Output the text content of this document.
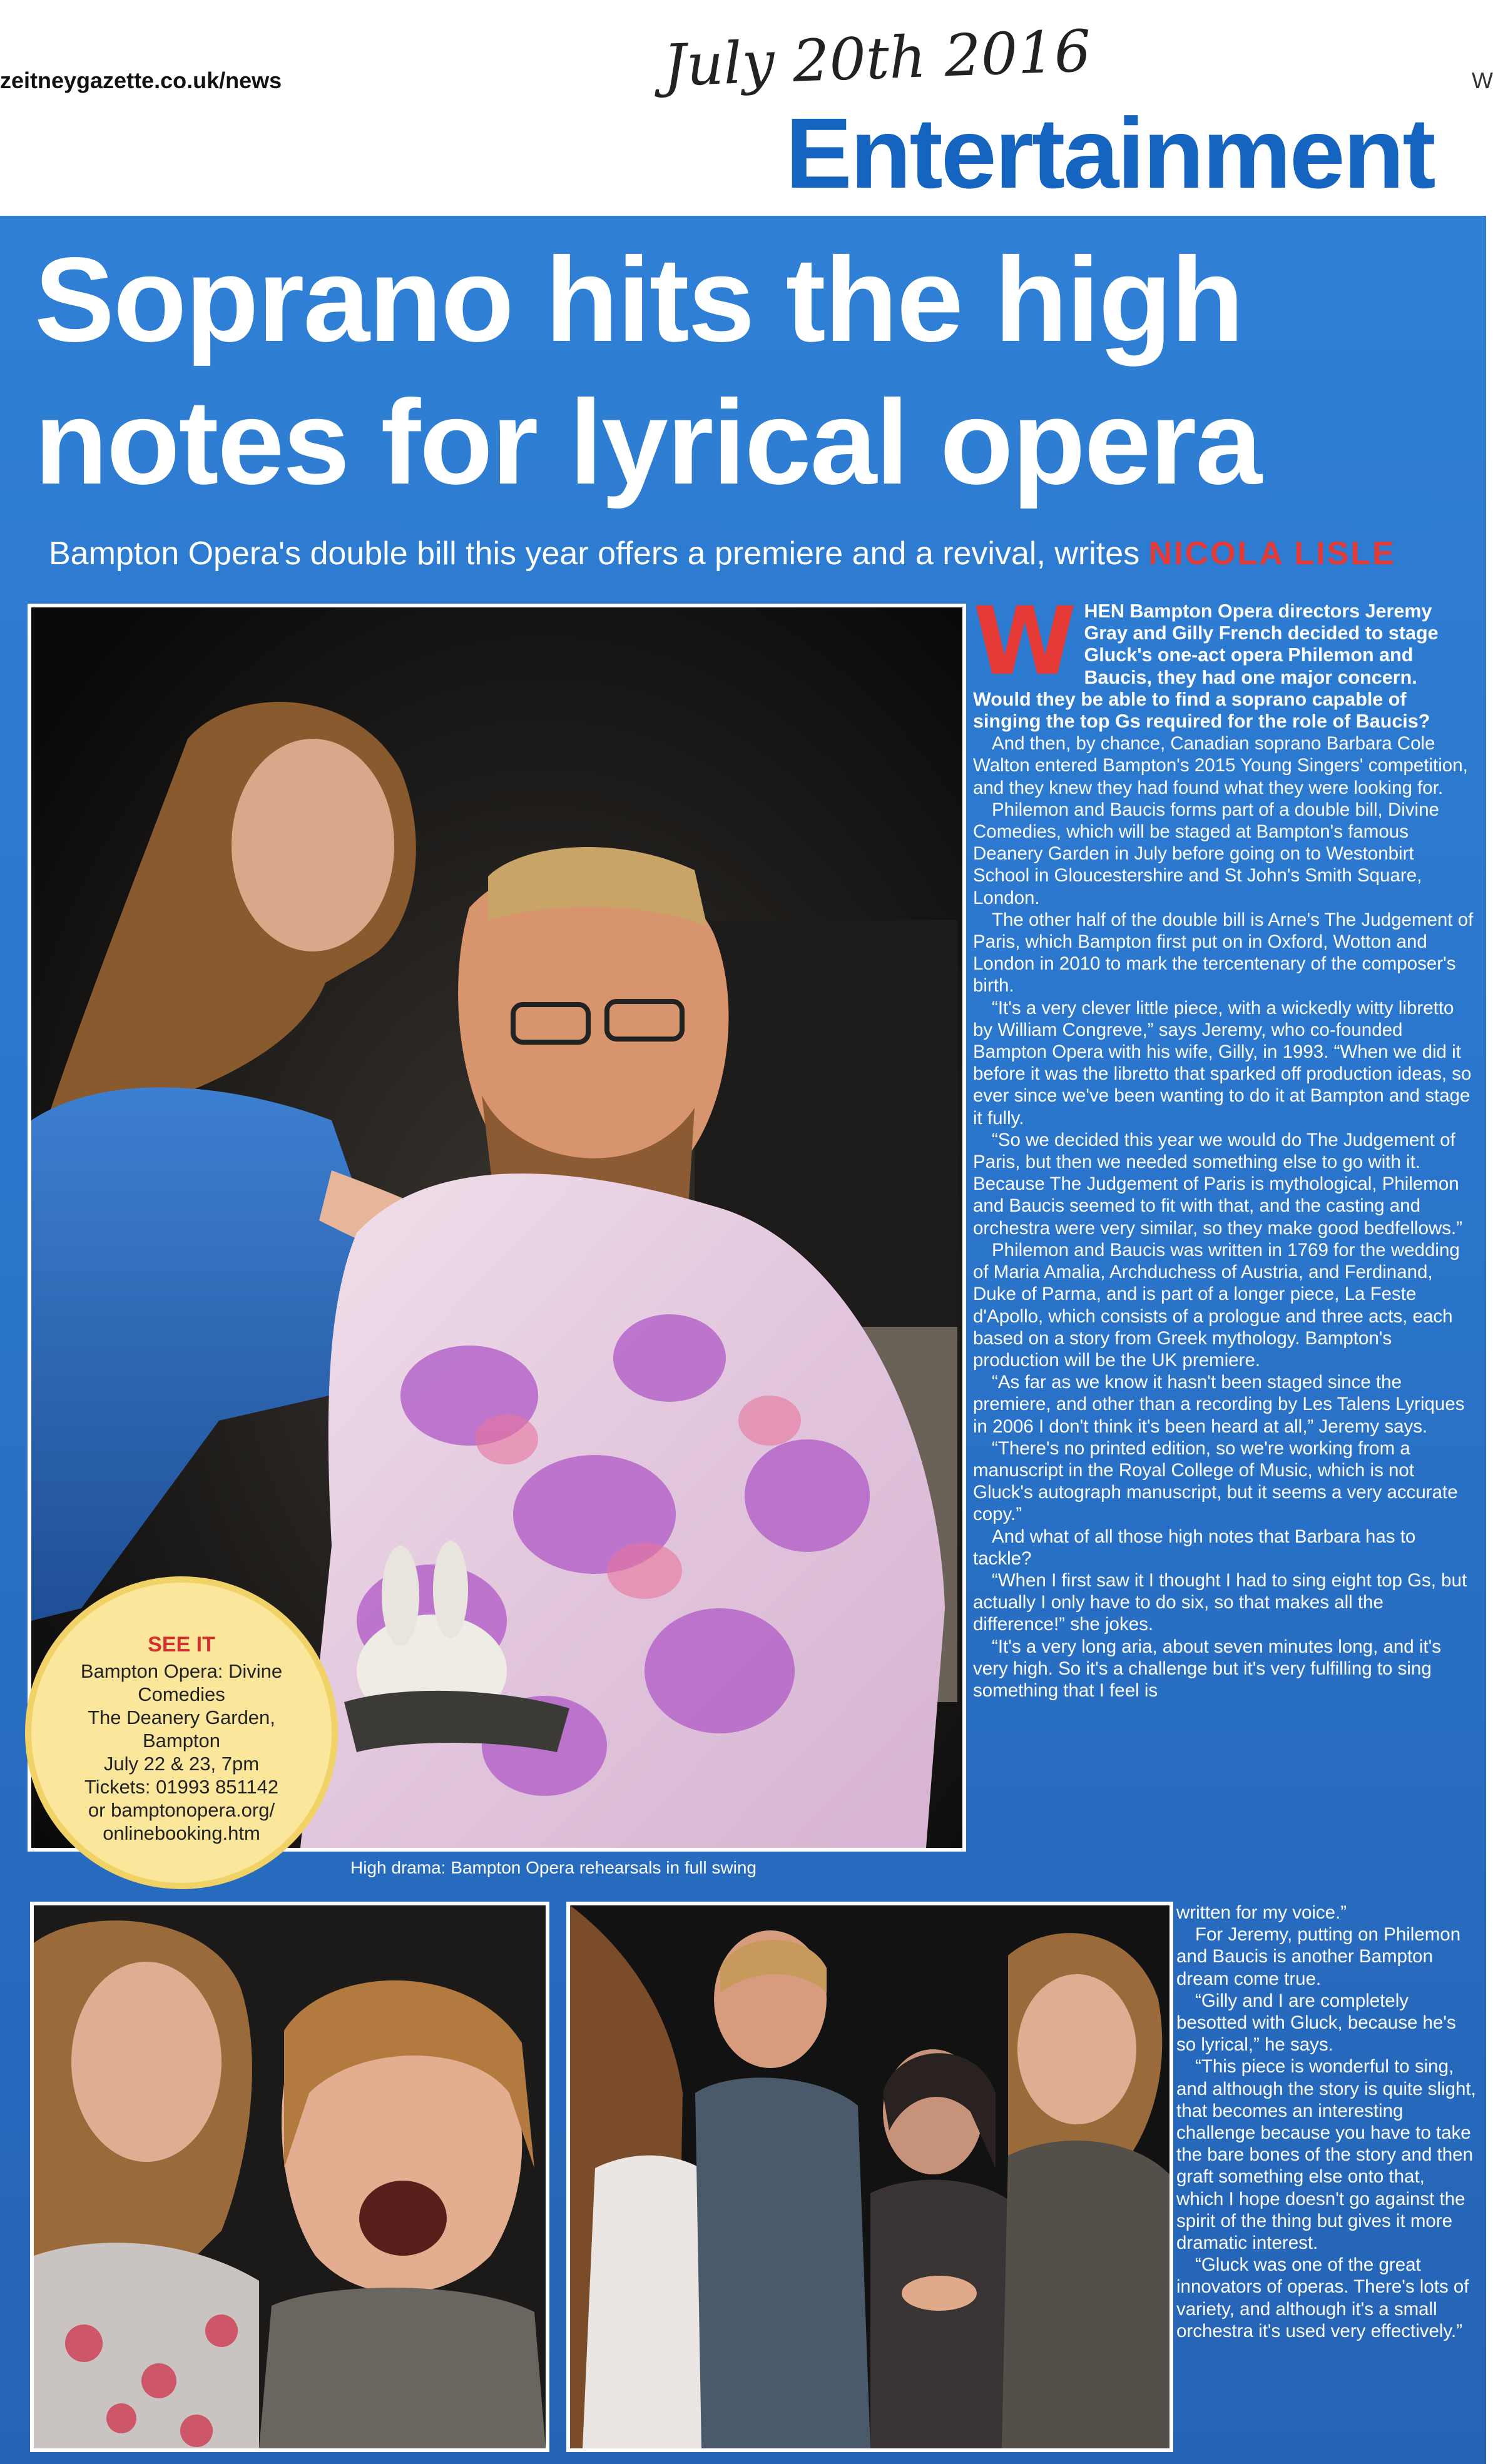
zeitneygazette.co.uk/news	W
July 20th 2016
Entertainment
Soprano hits the high
notes for lyrical opera
Bampton Opera's double bill this year offers a premiere and a revival, writes NICOLA LISLE
SEE IT
Bampton Opera: Divine
Comedies
The Deanery Garden,
Bampton
July 22 & 23, 7pm
Tickets: 01993 851142
or bamptonopera.org/
onlinebooking.htm
High drama: Bampton Opera rehearsals in full swing
W HEN Bampton Opera directors Jeremy Gray and Gilly French decided to stage Gluck's one-act opera Philemon and Baucis, they had one major concern. Would they be able to find a soprano capable of singing the top Gs required for the role of Baucis?

And then, by chance, Canadian soprano Barbara Cole Walton entered Bampton's 2015 Young Singers' competition, and they knew they had found what they were looking for.

Philemon and Baucis forms part of a double bill, Divine Comedies, which will be staged at Bampton's famous Deanery Garden in July before going on to Westonbirt School in Gloucestershire and St John's Smith Square, London.

The other half of the double bill is Arne's The Judgement of Paris, which Bampton first put on in Oxford, Wotton and London in 2010 to mark the tercentenary of the composer's birth.

“It's a very clever little piece, with a wickedly witty libretto by William Congreve,” says Jeremy, who co-founded Bampton Opera with his wife, Gilly, in 1993. “When we did it before it was the libretto that sparked off production ideas, so ever since we've been wanting to do it at Bampton and stage it fully.

“So we decided this year we would do The Judgement of Paris, but then we needed something else to go with it. Because The Judgement of Paris is mythological, Philemon and Baucis seemed to fit with that, and the casting and orchestra were very similar, so they make good bedfellows.”

Philemon and Baucis was written in 1769 for the wedding of Maria Amalia, Archduchess of Austria, and Ferdinand, Duke of Parma, and is part of a longer piece, La Feste d'Apollo, which consists of a prologue and three acts, each based on a story from Greek mythology. Bampton's production will be the UK premiere.

“As far as we know it hasn't been staged since the premiere, and other than a recording by Les Talens Lyriques in 2006 I don't think it's been heard at all,” Jeremy says.

“There's no printed edition, so we're working from a manuscript in the Royal College of Music, which is not Gluck's autograph manuscript, but it seems a very accurate copy.”

And what of all those high notes that Barbara has to tackle?

“When I first saw it I thought I had to sing eight top Gs, but actually I only have to do six, so that makes all the difference!” she jokes.

“It's a very long aria, about seven minutes long, and it's very high. So it's a challenge but it's very fulfilling to sing something that I feel is

written for my voice.”

For Jeremy, putting on Philemon and Baucis is another Bampton dream come true.

“Gilly and I are completely besotted with Gluck, because he's so lyrical,” he says.

“This piece is wonderful to sing, and although the story is quite slight, that becomes an interesting challenge because you have to take the bare bones of the story and then graft something else onto that, which I hope doesn't go against the spirit of the thing but gives it more dramatic interest.

“Gluck was one of the great innovators of operas. There's lots of variety, and although it's a small orchestra it's used very effectively.”
